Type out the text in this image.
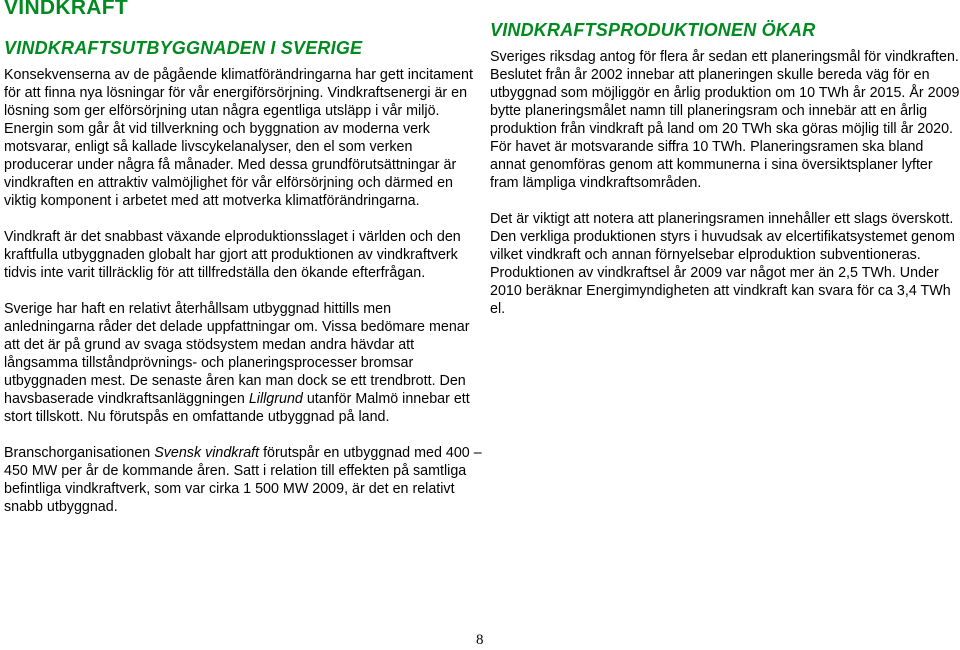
VINDKRAFT
VINDKRAFTSUTBYGGNADEN I SVERIGE

Konsekvenserna av de pågående klimatförändringarna har gett incitament för att finna nya lösningar för vår energiförsörjning. Vindkraftsenergi är en lösning som ger elförsörjning utan några egentliga utsläpp i vår miljö. Energin som går åt vid tillverkning och byggnation av moderna verk motsvarar, enligt så kallade livscykelanalyser, den el som verken producerar under några få månader. Med dessa grundförutsättningar är vindkraften en attraktiv valmöjlighet för vår elförsörjning och därmed en viktig komponent i arbetet med att motverka klimatförändringarna.

Vindkraft är det snabbast växande elproduktionsslaget i världen och den kraftfulla utbyggnaden globalt har gjort att produktionen av vindkraftverk tidvis inte varit tillräcklig för att tillfredställa den ökande efterfrågan.

Sverige har haft en relativt återhållsam utbyggnad hittills men anledningarna råder det delade uppfattningar om. Vissa bedömare menar att det är på grund av svaga stödsystem medan andra hävdar att långsamma tillståndprövnings- och planeringsprocesser bromsar utbyggnaden mest. De senaste åren kan man dock se ett trendbrott. Den havsbaserade vindkraftsanläggningen Lillgrund utanför Malmö innebar ett stort tillskott. Nu förutspås en omfattande utbyggnad på land.

Branschorganisationen Svensk vindkraft förutspår en utbyggnad med 400 – 450 MW per år de kommande åren. Satt i relation till effekten på samtliga befintliga vindkraftverk, som var cirka 1 500 MW 2009, är det en relativt snabb utbyggnad.

VINDKRAFTSPRODUKTIONEN ÖKAR

Sveriges riksdag antog för flera år sedan ett planeringsmål för vindkraften. Beslutet från år 2002 innebar att planeringen skulle bereda väg för en utbyggnad som möjliggör en årlig produktion om 10 TWh år 2015. År 2009 bytte planeringsmålet namn till planeringsram och innebär att en årlig produktion från vindkraft på land om 20 TWh ska göras möjlig till år 2020. För havet är motsvarande siffra 10 TWh. Planeringsramen ska bland annat genomföras genom att kommunerna i sina översiktsplaner lyfter fram lämpliga vindkraftsområden.

Det är viktigt att notera att planeringsramen innehåller ett slags överskott. Den verkliga produktionen styrs i huvudsak av elcertifikatsystemet genom vilket vindkraft och annan förnyelsebar elproduktion subventioneras. Produktionen av vindkraftsel år 2009 var något mer än 2,5 TWh. Under 2010 beräknar Energimyndigheten att vindkraft kan svara för ca 3,4 TWh el.

8
